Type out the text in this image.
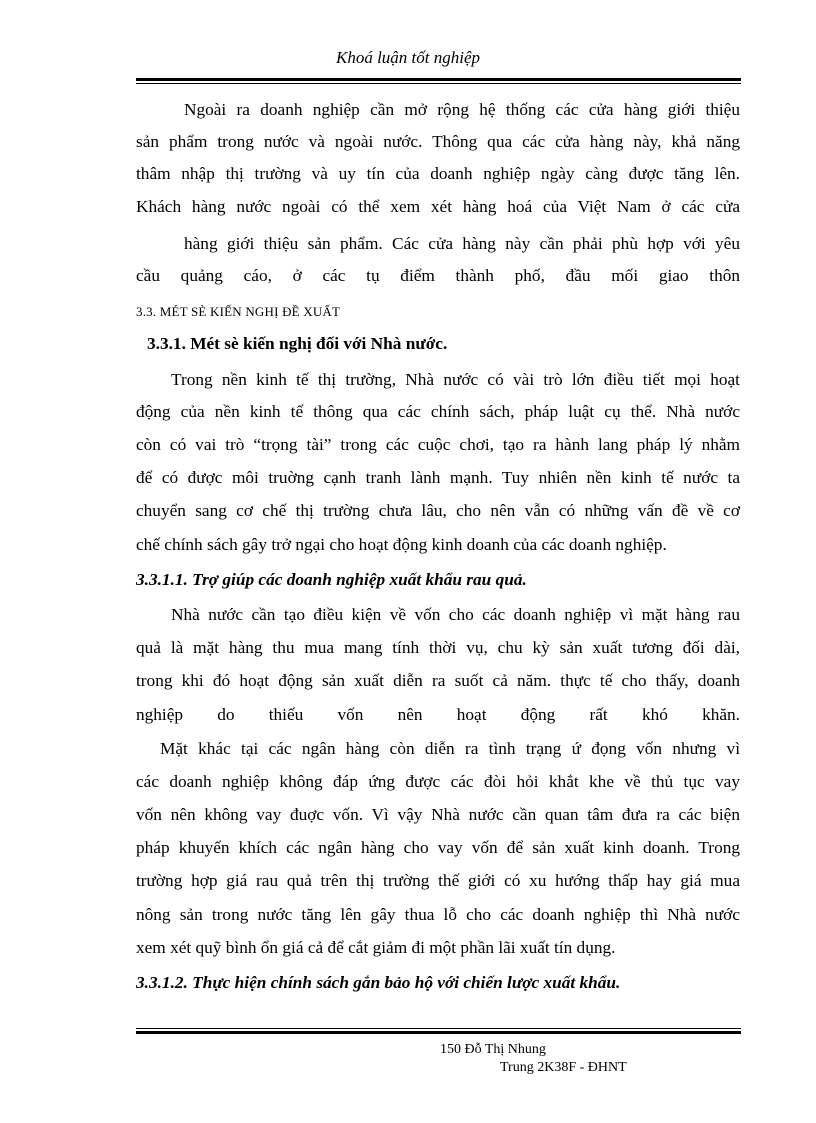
Khoá luận tốt nghiệp
Ngoài ra doanh nghiệp cần mở rộng hệ thống các cửa hàng giới thiệu
sản phẩm trong nước và ngoài nước. Thông qua các cửa hàng này, khả năng
thâm nhập thị trường và uy tín của doanh nghiệp ngày càng được tăng lên.
Khách hàng nước ngoài có thể xem xét hàng hoá của Việt Nam ở các cửa
hàng giới thiệu sản phẩm. Các cửa hàng này cần phải phù hợp với yêu
cầu quảng cáo, ở các tụ điểm thành phố, đầu mối giao thôn
3.3. MÉT SÈ KIẾN NGHỊ ĐỀ XUẤT
3.3.1. Mét sè kiến nghị đối với Nhà nước.
Trong nền kinh tế thị trường, Nhà nước có vài trò lớn điều tiết mọi hoạt
động của nền kinh tế thông qua các chính sách, pháp luật cụ thể. Nhà nước
còn có vai trò “trọng tài” trong các cuộc chơi, tạo ra hành lang pháp lý nhằm
để có được môi truờng cạnh tranh lành mạnh. Tuy nhiên nền kinh tế nước ta
chuyển sang cơ chế thị trường chưa lâu, cho nên vẫn có những vấn đề về cơ
chế chính sách gây trở ngại cho hoạt động kinh doanh của các doanh nghiệp.
3.3.1.1. Trợ giúp các doanh nghiệp xuất khẩu rau quả.
Nhà nước cần tạo điều kiện về vốn cho các doanh nghiệp vì mặt hàng rau
quả là mặt hàng thu mua mang tính thời vụ, chu kỳ sản xuất tương đối dài,
trong khi đó hoạt động sản xuất diễn ra suốt cả năm. thực tế cho thấy, doanh
nghiệp do thiếu vốn nên hoạt động rất khó khăn.
Mặt khác tại các ngân hàng còn diễn ra tình trạng ứ đọng vốn nhưng vì
các doanh nghiệp không đáp ứng được các đòi hỏi khắt khe về thủ tục vay
vốn nên không vay đuợc vốn. Vì vậy Nhà nước cần quan tâm đưa ra các biện
pháp khuyến khích các ngân hàng cho vay vốn để sản xuất kinh doanh. Trong
trường hợp giá rau quả trên thị trường thế giới có xu hướng thấp hay giá mua
nông sản trong nước tăng lên gây thua lỗ cho các doanh nghiệp thì Nhà nước
xem xét quỹ bình ổn giá cả để cắt giảm đi một phần lãi xuất tín dụng.
3.3.1.2. Thực hiện chính sách gắn bảo hộ với chiến lược xuất khẩu.
150 Đỗ Thị Nhung
Trung 2K38F - ĐHNT
